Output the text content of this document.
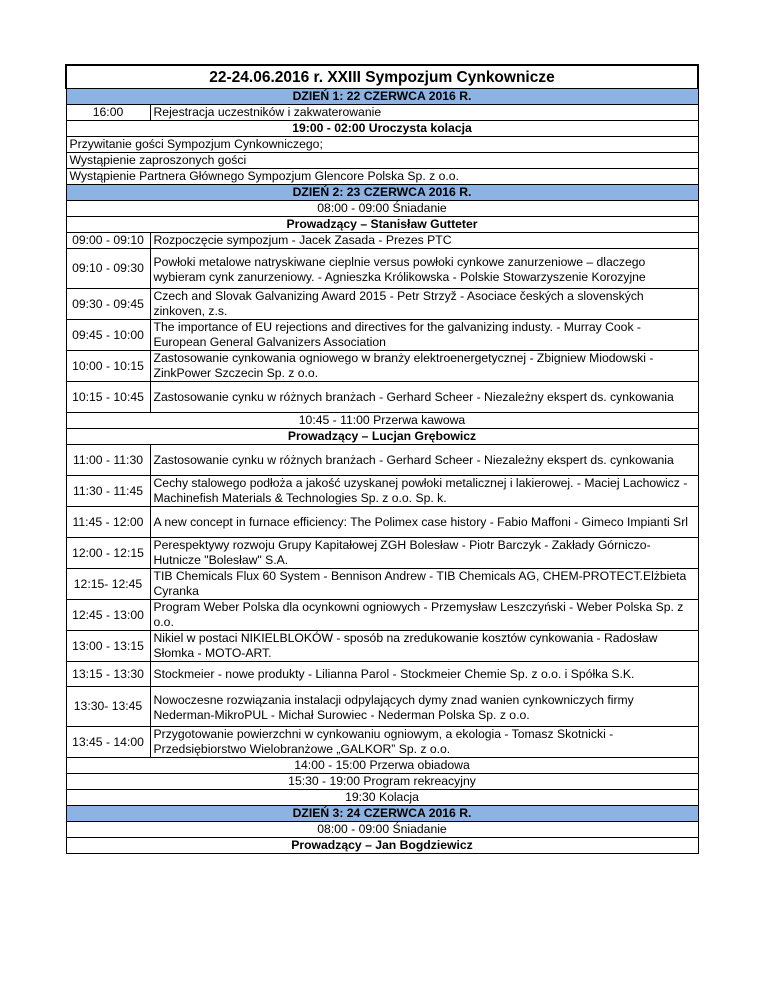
22-24.06.2016 r. XXIII Sympozjum Cynkownicze	
DZIEŃ 1: 22 CZERWCA 2016 R.	
16:00	Rejestracja uczestników i zakwaterowanie
19:00 - 02:00 Uroczysta kolacja	
Przywitanie gości Sympozjum Cynkowniczego;	
Wystąpienie zaproszonych gości	
Wystąpienie Partnera Głównego Sympozjum Glencore Polska Sp. z o.o.	
DZIEŃ 2: 23 CZERWCA 2016 R.	
08:00 - 09:00 Śniadanie	
Prowadzący – Stanisław Gutteter	
09:00 - 09:10	Rozpoczęcie sympozjum - Jacek Zasada - Prezes PTC
09:10 - 09:30	Powłoki metalowe natryskiwane cieplnie versus powłoki cynkowe zanurzeniowe – dlaczego wybieram cynk zanurzeniowy. - Agnieszka Królikowska - Polskie Stowarzyszenie Korozyjne
09:30 - 09:45	Czech and Slovak Galvanizing Award 2015 - Petr Strzyž - Asociace českých a slovenských zinkoven, z.s.
09:45 - 10:00	The importance of EU rejections and directives for the galvanizing industy. - Murray Cook - European General Galvanizers Association
10:00 - 10:15	Zastosowanie cynkowania ogniowego w branży elektroenergetycznej - Zbigniew Miodowski - ZinkPower Szczecin Sp. z o.o.
10:15 - 10:45	Zastosowanie cynku w różnych branżach - Gerhard Scheer - Niezależny ekspert ds. cynkowania
10:45 - 11:00 Przerwa kawowa	
Prowadzący – Lucjan Grębowicz	
11:00 - 11:30	Zastosowanie cynku w różnych branżach - Gerhard Scheer - Niezależny ekspert ds. cynkowania
11:30 - 11:45	Cechy stalowego podłoża a jakość uzyskanej powłoki metalicznej i lakierowej. - Maciej Lachowicz - Machinefish Materials & Technologies Sp. z o.o. Sp. k.
11:45 - 12:00	A new concept in furnace efficiency: The Polimex case history - Fabio Maffoni - Gimeco Impianti Srl
12:00 - 12:15	Perespektywy rozwoju Grupy Kapitałowej ZGH Bolesław - Piotr Barczyk - Zakłady Górniczo-Hutnicze "Bolesław" S.A.
12:15- 12:45	TIB Chemicals Flux 60 System - Bennison Andrew - TIB Chemicals AG, CHEM-PROTECT.Elżbieta Cyranka
12:45 - 13:00	Program Weber Polska dla ocynkowni ogniowych - Przemysław Leszczyński - Weber Polska Sp. z o.o.
13:00 - 13:15	Nikiel w postaci NIKIELBLOKÓW - sposób na zredukowanie kosztów cynkowania - Radosław Słomka - MOTO-ART.
13:15 - 13:30	Stockmeier - nowe produkty - Lilianna Parol - Stockmeier Chemie Sp. z o.o. i Spółka S.K.
13:30- 13:45	Nowoczesne rozwiązania instalacji odpylających dymy znad wanien cynkowniczych firmy Nederman-MikroPUL - Michał Surowiec - Nederman Polska Sp. z o.o.
13:45 - 14:00	Przygotowanie powierzchni w cynkowaniu ogniowym, a ekologia - Tomasz Skotnicki - Przedsiębiorstwo Wielobranżowe „GALKOR” Sp. z o.o.
14:00 - 15:00 Przerwa obiadowa	
15:30 - 19:00 Program rekreacyjny	
19:30 Kolacja	
DZIEŃ 3: 24 CZERWCA 2016 R.	
08:00 - 09:00 Śniadanie	
Prowadzący – Jan Bogdziewicz	
